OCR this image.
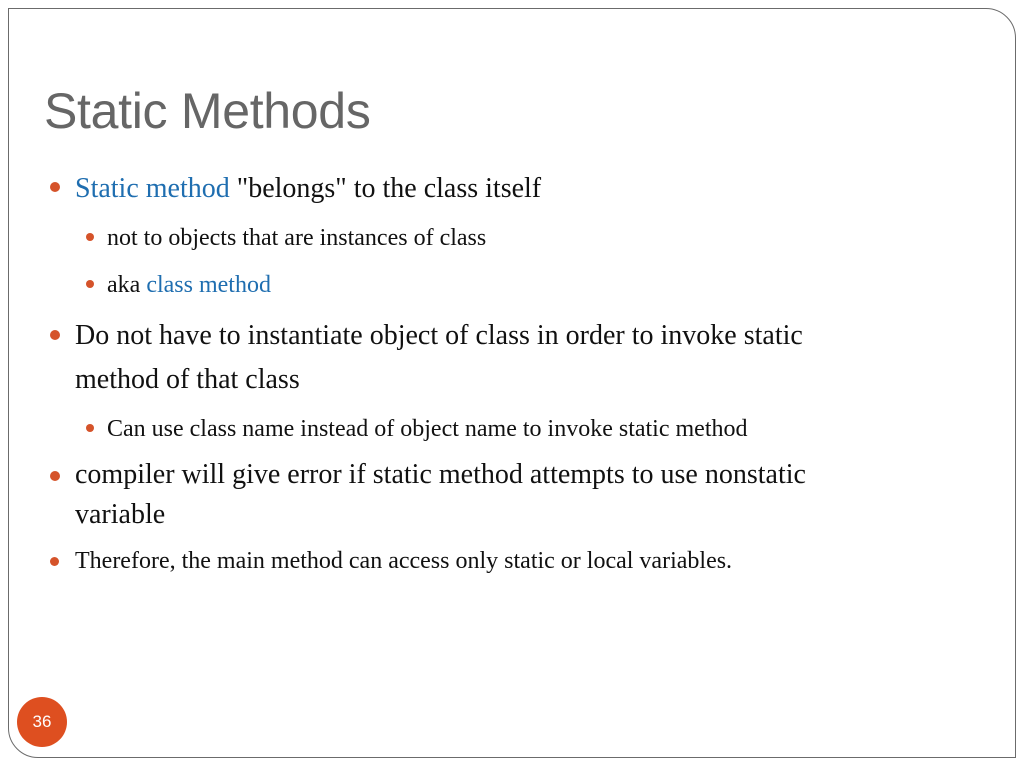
Static Methods

Static method "belongs" to the class itself

not to objects that are instances of class

aka class method

Do not have to instantiate object of class in order to invoke static
method of that class

Can use class name instead of object name to invoke static method

compiler will give error if static method attempts to use nonstatic
variable

Therefore, the main method can access only static or local variables.

36
